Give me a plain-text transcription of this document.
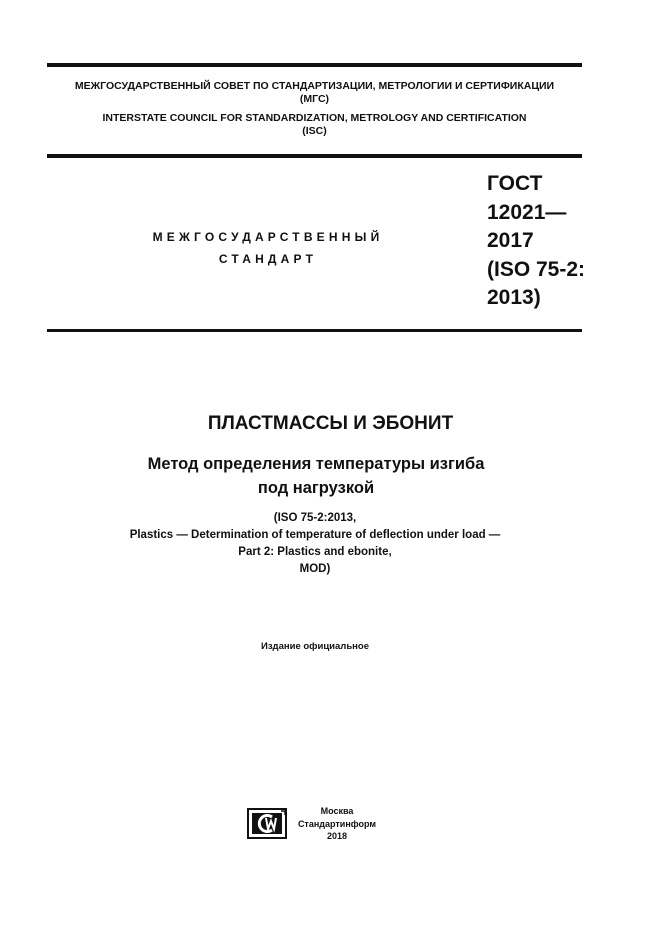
МЕЖГОСУДАРСТВЕННЫЙ СОВЕТ ПО СТАНДАРТИЗАЦИИ, МЕТРОЛОГИИ И СЕРТИФИКАЦИИ
(МГС)
INTERSTATE COUNCIL FOR STANDARDIZATION, METROLOGY AND CERTIFICATION
(ISC)
МЕЖГОСУДАРСТВЕННЫЙ
СТАНДАРТ
ГОСТ
12021—
2017
(ISO 75-2:
2013)
ПЛАСТМАССЫ И ЭБОНИТ
Метод определения температуры изгиба
под нагрузкой
(ISO 75-2:2013,
Plastics — Determination of temperature of deflection under load —
Part 2: Plastics and ebonite,
MOD)
Издание официальное
Москва
Стандартинформ
2018
